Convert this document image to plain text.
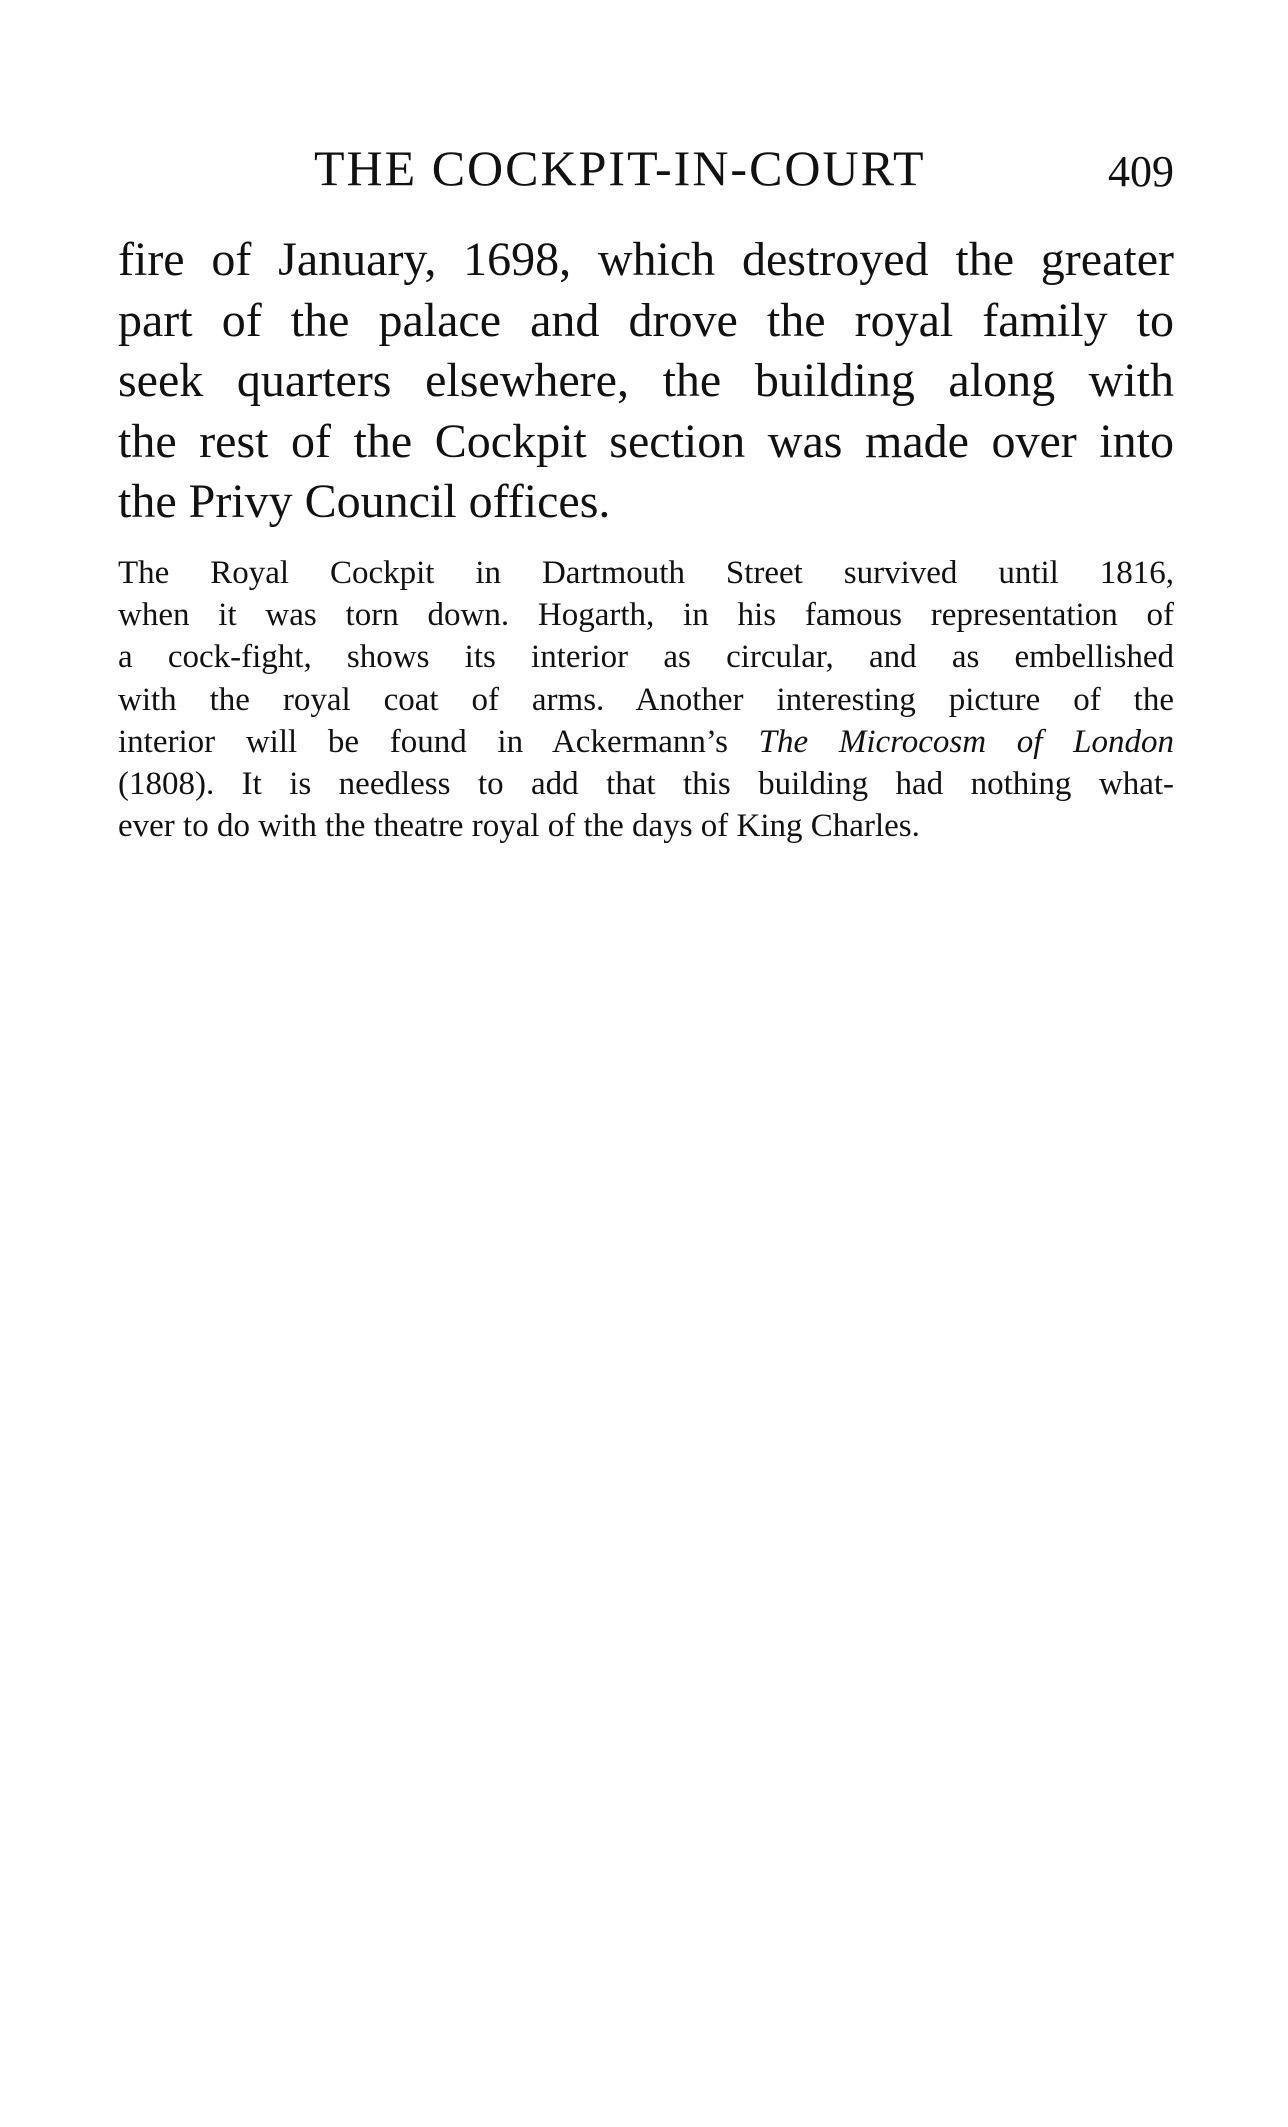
THE COCKPIT-IN-COURT	409
fire of January, 1698, which destroyed the greater
part of the palace and drove the royal family to
seek quarters elsewhere, the building along with
the rest of the Cockpit section was made over into
the Privy Council offices.
The Royal Cockpit in Dartmouth Street survived until 1816,
when it was torn down. Hogarth, in his famous representation of
a cock-fight, shows its interior as circular, and as embellished
with the royal coat of arms. Another interesting picture of the
interior will be found in Ackermann’s The Microcosm of London
(1808). It is needless to add that this building had nothing what-
ever to do with the theatre royal of the days of King Charles.
